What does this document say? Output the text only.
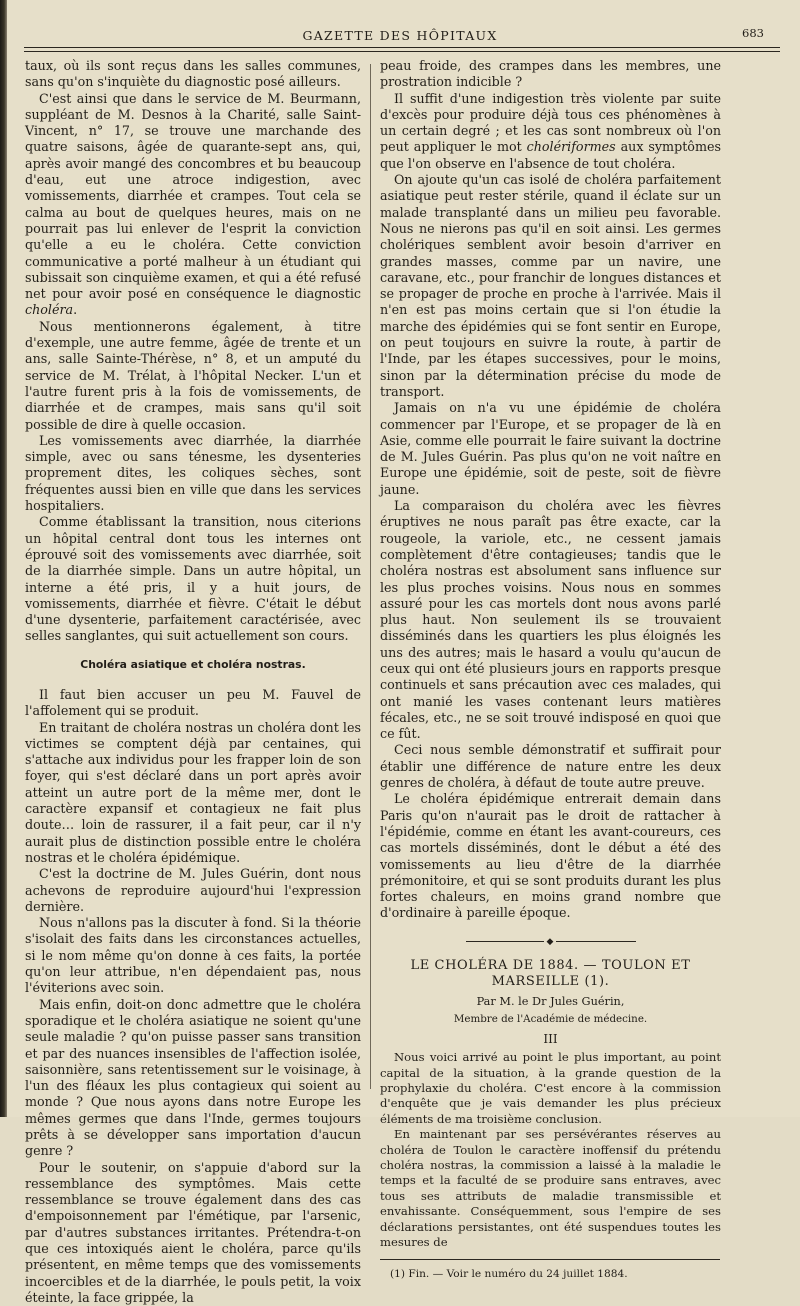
GAZETTE DES HÔPITAUX	683

taux, où ils sont reçus dans les salles communes, sans qu'on s'inquiète du diagnostic posé ailleurs.

C'est ainsi que dans le service de M. Beurmann, suppléant de M. Desnos à la Charité, salle Saint-Vincent, n° 17, se trouve une marchande des quatre saisons, âgée de quarante-sept ans, qui, après avoir mangé des concombres et bu beaucoup d'eau, eut une atroce indigestion, avec vomissements, diarrhée et crampes. Tout cela se calma au bout de quelques heures, mais on ne pourrait pas lui enlever de l'esprit la conviction qu'elle a eu le choléra. Cette conviction communicative a porté malheur à un étudiant qui subissait son cinquième examen, et qui a été refusé net pour avoir posé en conséquence le diagnostic choléra.

Nous mentionnerons également, à titre d'exemple, une autre femme, âgée de trente et un ans, salle Sainte-Thérèse, n° 8, et un amputé du service de M. Trélat, à l'hôpital Necker. L'un et l'autre furent pris à la fois de vomissements, de diarrhée et de crampes, mais sans qu'il soit possible de dire à quelle occasion.

Les vomissements avec diarrhée, la diarrhée simple, avec ou sans ténesme, les dysenteries proprement dites, les coliques sèches, sont fréquentes aussi bien en ville que dans les services hospitaliers.

Comme établissant la transition, nous citerions un hôpital central dont tous les internes ont éprouvé soit des vomissements avec diarrhée, soit de la diarrhée simple. Dans un autre hôpital, un interne a été pris, il y a huit jours, de vomissements, diarrhée et fièvre. C'était le début d'une dysenterie, parfaitement caractérisée, avec selles sanglantes, qui suit actuellement son cours.

Choléra asiatique et choléra nostras.

Il faut bien accuser un peu M. Fauvel de l'affolement qui se produit.

En traitant de choléra nostras un choléra dont les victimes se comptent déjà par centaines, qui s'attache aux individus pour les frapper loin de son foyer, qui s'est déclaré dans un port après avoir atteint un autre port de la même mer, dont le caractère expansif et contagieux ne fait plus doute… loin de rassurer, il a fait peur, car il n'y aurait plus de distinction possible entre le choléra nostras et le choléra épidémique.

C'est la doctrine de M. Jules Guérin, dont nous achevons de reproduire aujourd'hui l'expression dernière.

Nous n'allons pas la discuter à fond. Si la théorie s'isolait des faits dans les circonstances actuelles, si le nom même qu'on donne à ces faits, la portée qu'on leur attribue, n'en dépendaient pas, nous l'éviterions avec soin.

Mais enfin, doit-on donc admettre que le choléra sporadique et le choléra asiatique ne soient qu'une seule maladie ? qu'on puisse passer sans transition et par des nuances insensibles de l'affection isolée, saisonnière, sans retentissement sur le voisinage, à l'un des fléaux les plus contagieux qui soient au monde ? Que nous ayons dans notre Europe les mêmes germes que dans l'Inde, germes toujours prêts à se développer sans importation d'aucun genre ?

Pour le soutenir, on s'appuie d'abord sur la ressemblance des symptômes. Mais cette ressemblance se trouve également dans des cas d'empoisonnement par l'émétique, par l'arsenic, par d'autres substances irritantes. Prétendra-t-on que ces intoxiqués aient le choléra, parce qu'ils présentent, en même temps que des vomissements incoercibles et de la diarrhée, le pouls petit, la voix éteinte, la face grippée, la

peau froide, des crampes dans les membres, une prostration indicible ?

Il suffit d'une indigestion très violente par suite d'excès pour produire déjà tous ces phénomènes à un certain degré ; et les cas sont nombreux où l'on peut appliquer le mot cholériformes aux symptômes que l'on observe en l'absence de tout choléra.

On ajoute qu'un cas isolé de choléra parfaitement asiatique peut rester stérile, quand il éclate sur un malade transplanté dans un milieu peu favorable. Nous ne nierons pas qu'il en soit ainsi. Les germes cholériques semblent avoir besoin d'arriver en grandes masses, comme par un navire, une caravane, etc., pour franchir de longues distances et se propager de proche en proche à l'arrivée. Mais il n'en est pas moins certain que si l'on étudie la marche des épidémies qui se font sentir en Europe, on peut toujours en suivre la route, à partir de l'Inde, par les étapes successives, pour le moins, sinon par la détermination précise du mode de transport.

Jamais on n'a vu une épidémie de choléra commencer par l'Europe, et se propager de là en Asie, comme elle pourrait le faire suivant la doctrine de M. Jules Guérin. Pas plus qu'on ne voit naître en Europe une épidémie, soit de peste, soit de fièvre jaune.

La comparaison du choléra avec les fièvres éruptives ne nous paraît pas être exacte, car la rougeole, la variole, etc., ne cessent jamais complètement d'être contagieuses; tandis que le choléra nostras est absolument sans influence sur les plus proches voisins. Nous nous en sommes assuré pour les cas mortels dont nous avons parlé plus haut. Non seulement ils se trouvaient disséminés dans les quartiers les plus éloignés les uns des autres; mais le hasard a voulu qu'aucun de ceux qui ont été plusieurs jours en rapports presque continuels et sans précaution avec ces malades, qui ont manié les vases contenant leurs matières fécales, etc., ne se soit trouvé indisposé en quoi que ce fût.

Ceci nous semble démonstratif et suffirait pour établir une différence de nature entre les deux genres de choléra, à défaut de toute autre preuve.

Le choléra épidémique entrerait demain dans Paris qu'on n'aurait pas le droit de rattacher à l'épidémie, comme en étant les avant-coureurs, ces cas mortels disséminés, dont le début a été des vomissements au lieu d'être de la diarrhée prémonitoire, et qui se sont produits durant les plus fortes chaleurs, en moins grand nombre que d'ordinaire à pareille époque.

◆
LE CHOLÉRA DE 1884. — TOULON ET MARSEILLE (1).
Par M. le Dr Jules Guérin,
Membre de l'Académie de médecine.
III

Nous voici arrivé au point le plus important, au point capital de la situation, à la grande question de la prophylaxie du choléra. C'est encore à la commission d'enquête que je vais demander les plus précieux éléments de ma troisième conclusion.

En maintenant par ses persévérantes réserves au choléra de Toulon le caractère inoffensif du prétendu choléra nostras, la commission a laissé à la maladie le temps et la faculté de se produire sans entraves, avec tous ses attributs de maladie transmissible et envahissante. Conséquemment, sous l'empire de ses déclarations persistantes, ont été suspendues toutes les mesures de

(1) Fin. — Voir le numéro du 24 juillet 1884.
